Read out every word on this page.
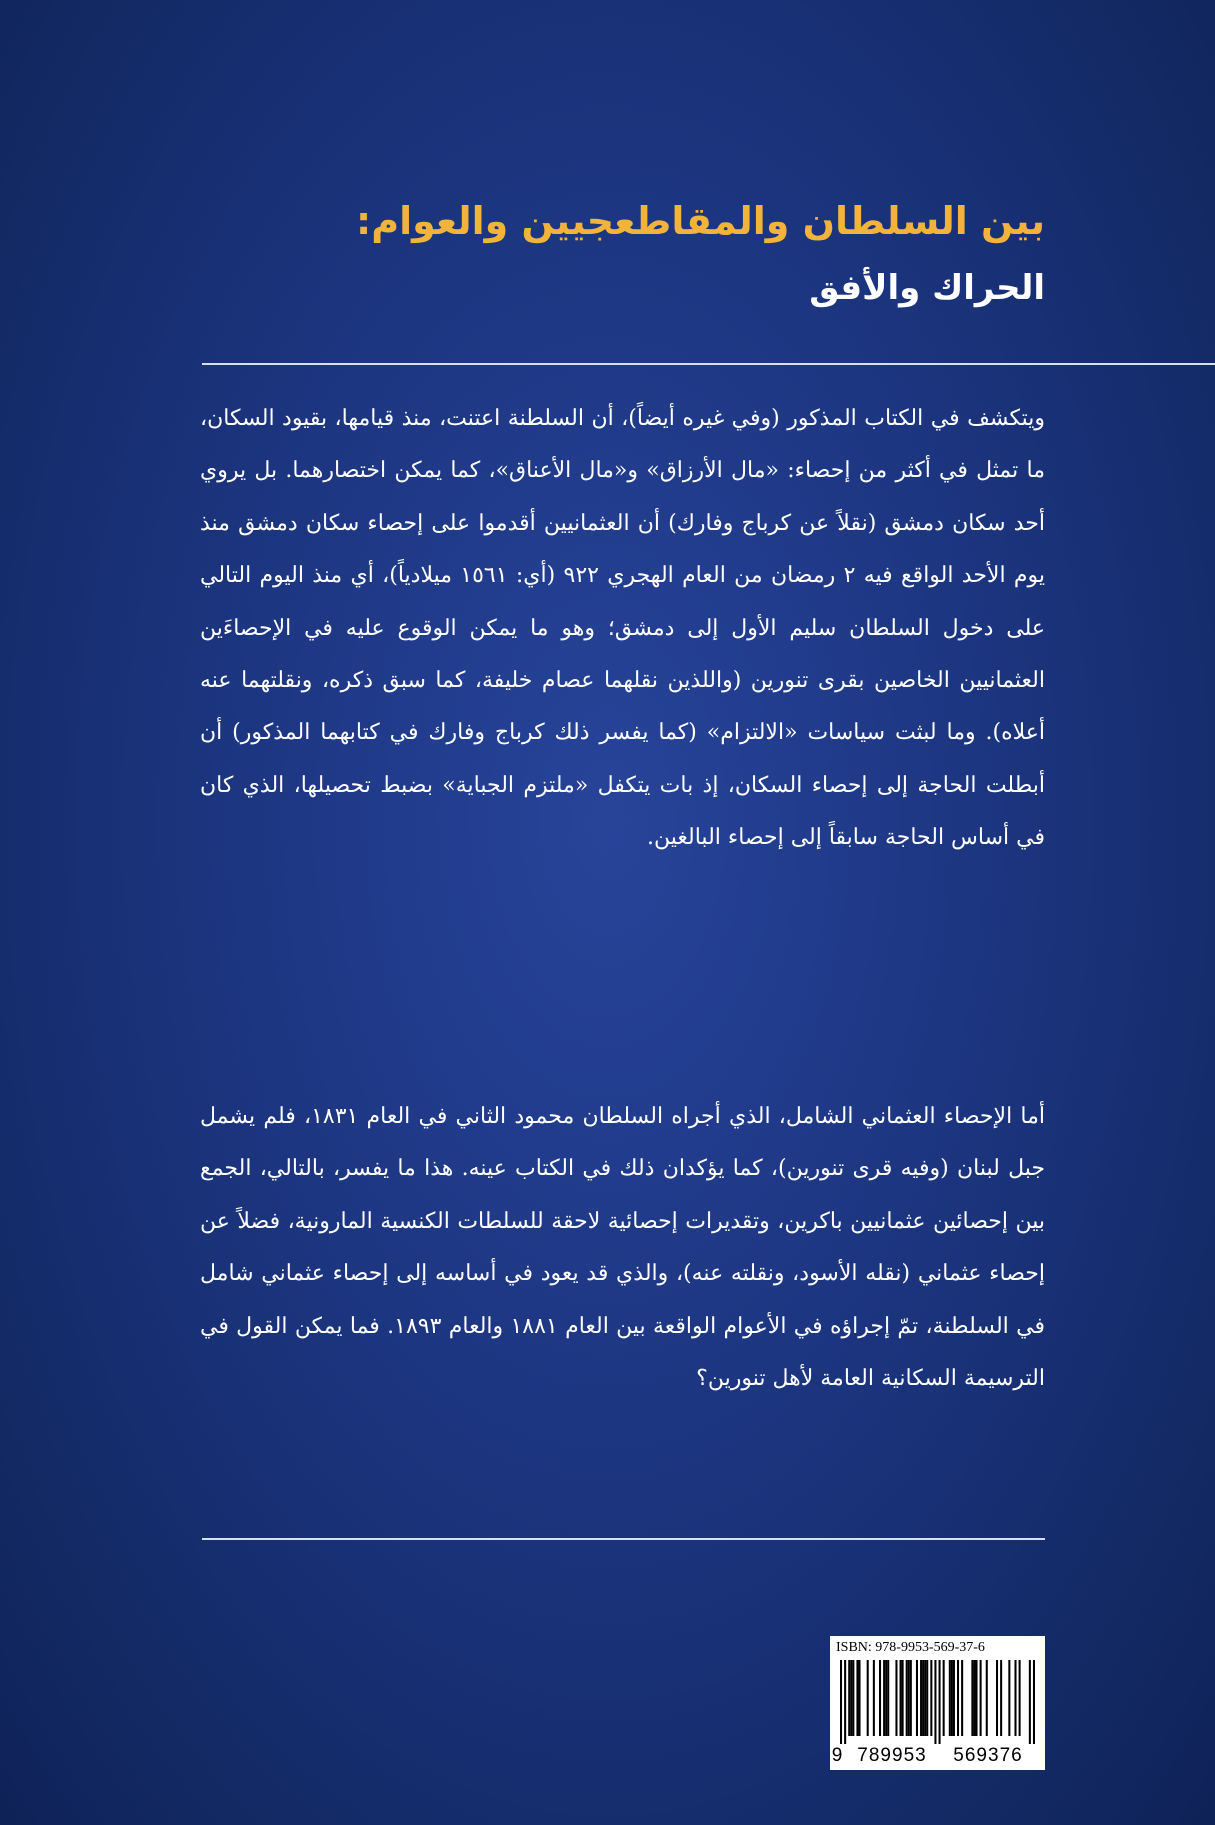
بين السلطان والمقاطعجيين والعوام:
الحراك والأفق

ويتكشف في الكتاب المذكور (وفي غيره أيضاً)، أن السلطنة اعتنت، منذ قيامها، بقيود السكان، ما تمثل في أكثر من إحصاء: «مال الأرزاق» و«مال الأعناق»، كما يمكن اختصارهما. بل يروي أحد سكان دمشق (نقلاً عن كرباج وفارك) أن العثمانيين أقدموا على إحصاء سكان دمشق منذ يوم الأحد الواقع فيه ٢ رمضان من العام الهجري ٩٢٢ (أي: ١٥٦١ ميلادياً)، أي منذ اليوم التالي على دخول السلطان سليم الأول إلى دمشق؛ وهو ما يمكن الوقوع عليه في الإحصاءَين العثمانيين الخاصين بقرى تنورين (واللذين نقلهما عصام خليفة، كما سبق ذكره، ونقلتهما عنه أعلاه). وما لبثت سياسات «الالتزام» (كما يفسر ذلك كرباج وفارك في كتابهما المذكور) أن أبطلت الحاجة إلى إحصاء السكان، إذ بات يتكفل «ملتزم الجباية» بضبط تحصيلها، الذي كان في أساس الحاجة سابقاً إلى إحصاء البالغين.

أما الإحصاء العثماني الشامل، الذي أجراه السلطان محمود الثاني في العام ١٨٣١، فلم يشمل جبل لبنان (وفيه قرى تنورين)، كما يؤكدان ذلك في الكتاب عينه. هذا ما يفسر، بالتالي، الجمع بين إحصائين عثمانيين باكرين، وتقديرات إحصائية لاحقة للسلطات الكنسية المارونية، فضلاً عن إحصاء عثماني (نقله الأسود، ونقلته عنه)، والذي قد يعود في أساسه إلى إحصاء عثماني شامل في السلطنة، تمّ إجراؤه في الأعوام الواقعة بين العام ١٨٨١ والعام ١٨٩٣. فما يمكن القول في الترسيمة السكانية العامة لأهل تنورين؟

ISBN: 978-9953-569-37-6
9 789953	569376
